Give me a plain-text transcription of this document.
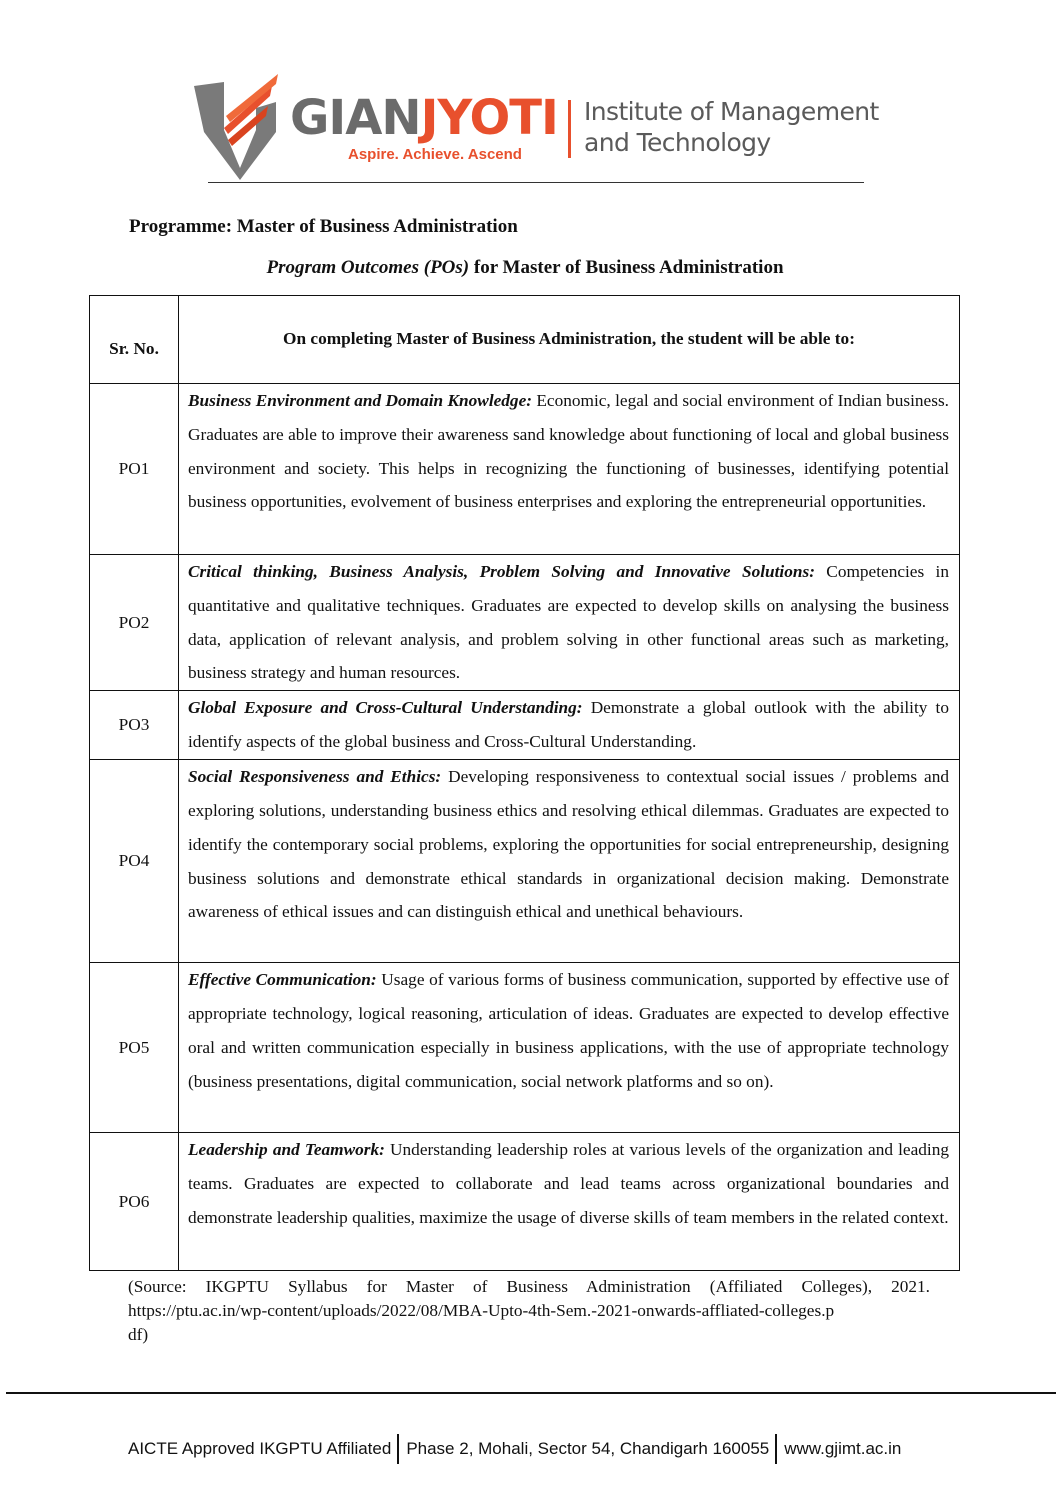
GIANJYOTI
Aspire. Achieve. Ascend
Institute of Management
and Technology
Programme: Master of Business Administration
Program Outcomes (POs) for Master of Business Administration
Sr. No.	On completing Master of Business Administration, the student will be able to:
PO1	Business Environment and Domain Knowledge: Economic, legal and social environment of Indian business. Graduates are able to improve their awareness sand knowledge about functioning of local and global business environment and society. This helps in recognizing the functioning of businesses, identifying potential business opportunities, evolvement of business enterprises and exploring the entrepreneurial opportunities.
PO2	Critical thinking, Business Analysis, Problem Solving and Innovative Solutions: Competencies in quantitative and qualitative techniques. Graduates are expected to develop skills on analysing the business data, application of relevant analysis, and problem solving in other functional areas such as marketing, business strategy and human resources.
PO3	Global Exposure and Cross-Cultural Understanding: Demonstrate a global outlook with the ability to identify aspects of the global business and Cross-Cultural Understanding.
PO4	Social Responsiveness and Ethics: Developing responsiveness to contextual social issues / problems and exploring solutions, understanding business ethics and resolving ethical dilemmas. Graduates are expected to identify the contemporary social problems, exploring the opportunities for social entrepreneurship, designing business solutions and demonstrate ethical standards in organizational decision making. Demonstrate awareness of ethical issues and can distinguish ethical and unethical behaviours.
PO5	Effective Communication: Usage of various forms of business communication, supported by effective use of appropriate technology, logical reasoning, articulation of ideas. Graduates are expected to develop effective oral and written communication especially in business applications, with the use of appropriate technology (business presentations, digital communication, social network platforms and so on).
PO6	Leadership and Teamwork: Understanding leadership roles at various levels of the organization and leading teams. Graduates are expected to collaborate and lead teams across organizational boundaries and demonstrate leadership qualities, maximize the usage of diverse skills of team members in the related context.
(Source: IKGPTU Syllabus for Master of Business Administration (Affiliated Colleges), 2021.
https://ptu.ac.in/wp-content/uploads/2022/08/MBA-Upto-4th-Sem.-2021-onwards-affliated-colleges.p
df)
AICTE Approved IKGPTU Affiliated Phase 2, Mohali, Sector 54, Chandigarh 160055 www.gjimt.ac.in
